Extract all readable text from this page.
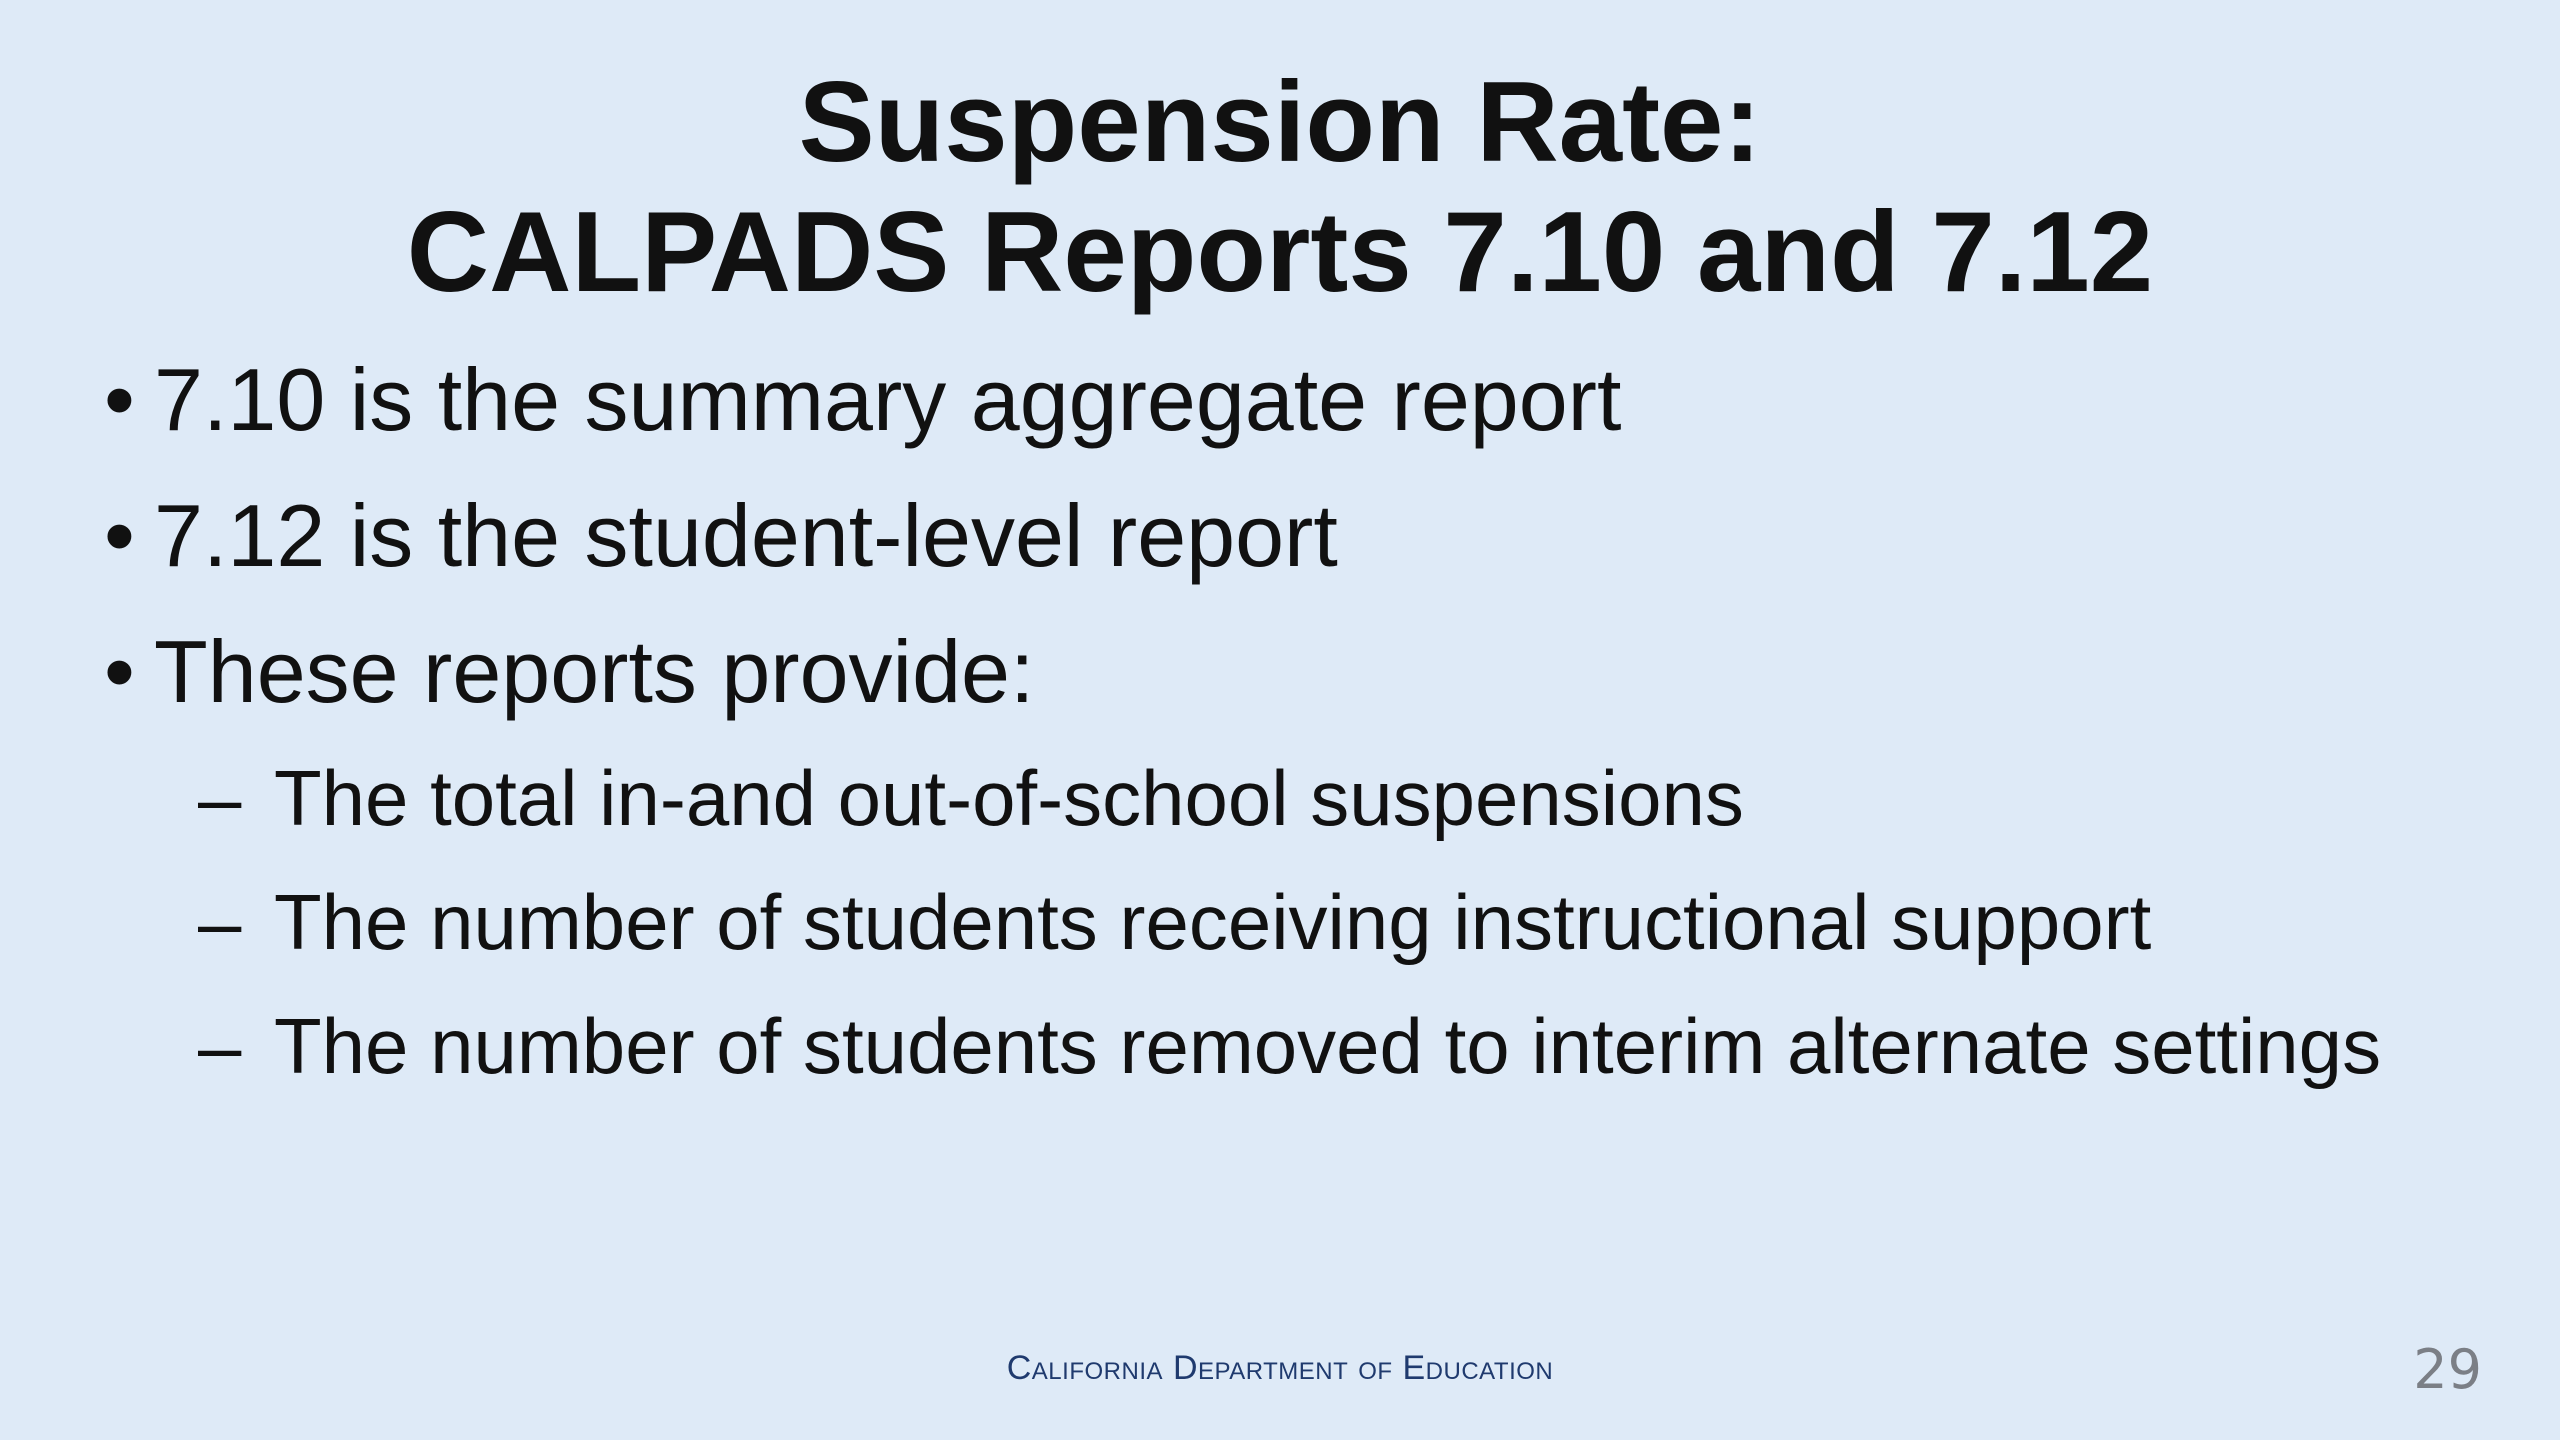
Suspension Rate:
CALPADS Reports 7.10 and 7.12
• 7.10 is the summary aggregate report
• 7.12 is the student-level report
• These reports provide:
– The total in-and out-of-school suspensions
– The number of students receiving instructional support
– The number of students removed to interim alternate settings
California Department of Education	29
